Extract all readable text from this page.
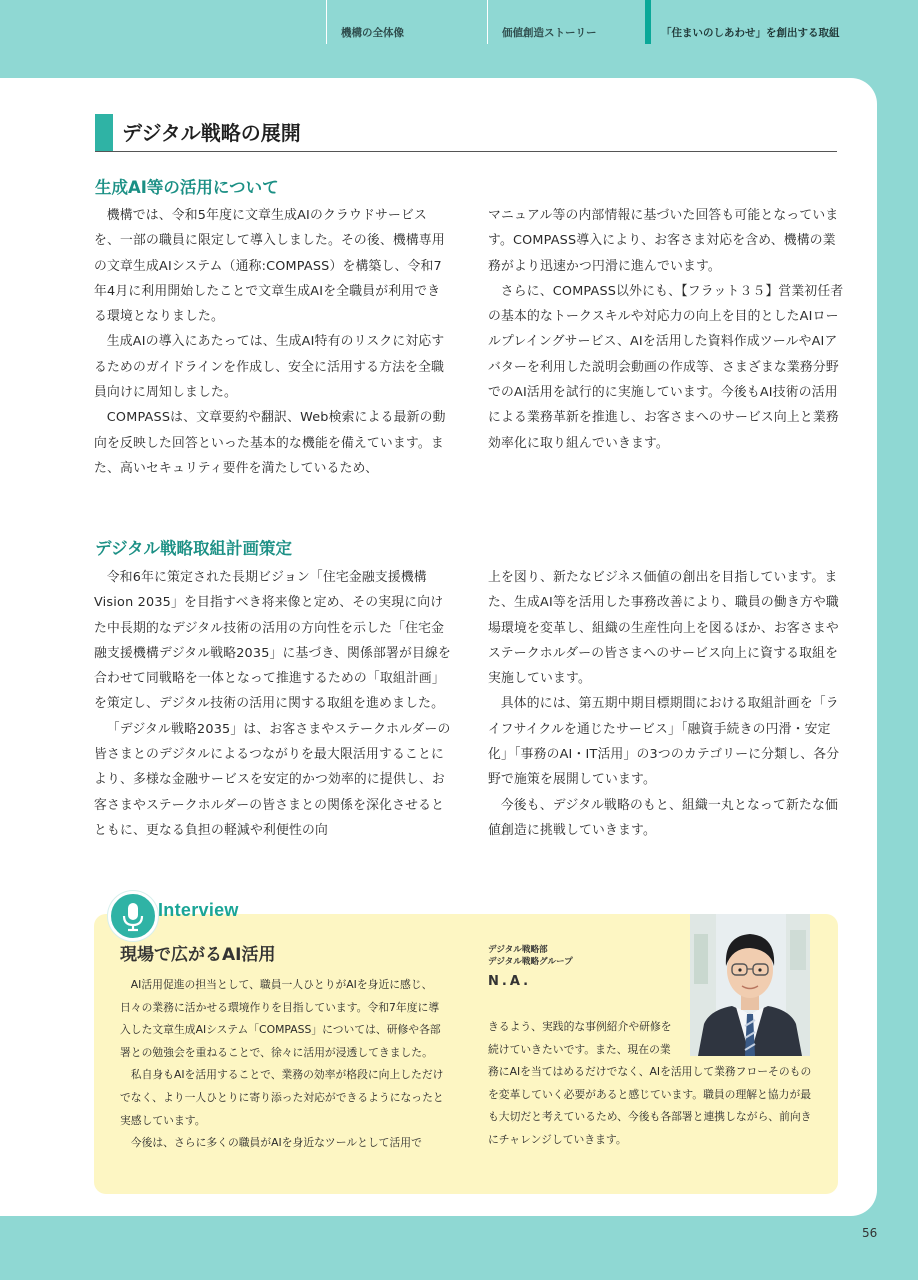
機構の全体像	価値創造ストーリー	「住まいのしあわせ」を創出する取組
デジタル戦略の展開
生成AI等の活用について

機構では、令和5年度に文章生成AIのクラウドサービスを、一部の職員に限定して導入しました。その後、機構専用の文章生成AIシステム（通称:COMPASS）を構築し、令和7年4月に利用開始したことで文章生成AIを全職員が利用できる環境となりました。

生成AIの導入にあたっては、生成AI特有のリスクに対応するためのガイドラインを作成し、安全に活用する方法を全職員向けに周知しました。

COMPASSは、文章要約や翻訳、Web検索による最新の動向を反映した回答といった基本的な機能を備えています。また、高いセキュリティ要件を満たしているため、

マニュアル等の内部情報に基づいた回答も可能となっています。COMPASS導入により、お客さま対応を含め、機構の業務がより迅速かつ円滑に進んでいます。

さらに、COMPASS以外にも、【フラット３５】営業初任者の基本的なトークスキルや対応力の向上を目的としたAIロールプレイングサービス、AIを活用した資料作成ツールやAIアバターを利用した説明会動画の作成等、さまざまな業務分野でのAI活用を試行的に実施しています。今後もAI技術の活用による業務革新を推進し、お客さまへのサービス向上と業務効率化に取り組んでいきます。

デジタル戦略取組計画策定

令和6年に策定された長期ビジョン「住宅金融支援機構 Vision 2035」を目指すべき将来像と定め、その実現に向けた中長期的なデジタル技術の活用の方向性を示した「住宅金融支援機構デジタル戦略2035」に基づき、関係部署が目線を合わせて同戦略を一体となって推進するための「取組計画」を策定し、デジタル技術の活用に関する取組を進めました。

「デジタル戦略2035」は、お客さまやステークホルダーの皆さまとのデジタルによるつながりを最大限活用することにより、多様な金融サービスを安定的かつ効率的に提供し、お客さまやステークホルダーの皆さまとの関係を深化させるとともに、更なる負担の軽減や利便性の向

上を図り、新たなビジネス価値の創出を目指しています。また、生成AI等を活用した事務改善により、職員の働き方や職場環境を変革し、組織の生産性向上を図るほか、お客さまやステークホルダーの皆さまへのサービス向上に資する取組を実施しています。

具体的には、第五期中期目標期間における取組計画を「ライフサイクルを通じたサービス」「融資手続きの円滑・安定化」「事務のAI・IT活用」の3つのカテゴリーに分類し、各分野で施策を展開しています。

今後も、デジタル戦略のもと、組織一丸となって新たな価値創造に挑戦していきます。

Interview
現場で広がるAI活用

AI活用促進の担当として、職員一人ひとりがAIを身近に感じ、日々の業務に活かせる環境作りを目指しています。令和7年度に導入した文章生成AIシステム「COMPASS」については、研修や各部署との勉強会を重ねることで、徐々に活用が浸透してきました。

私自身もAIを活用することで、業務の効率が格段に向上しただけでなく、より一人ひとりに寄り添った対応ができるようになったと実感しています。

今後は、さらに多くの職員がAIを身近なツールとして活用で

デジタル戦略部
デジタル戦略グループ
N.A.

きるよう、実践的な事例紹介や研修を続けていきたいです。また、現在の業務にAIを当てはめるだけでなく、AIを活用して業務フローそのものを変革していく必要があると感じています。職員の理解と協力が最も大切だと考えているため、今後も各部署と連携しながら、前向きにチャレンジしていきます。

56
